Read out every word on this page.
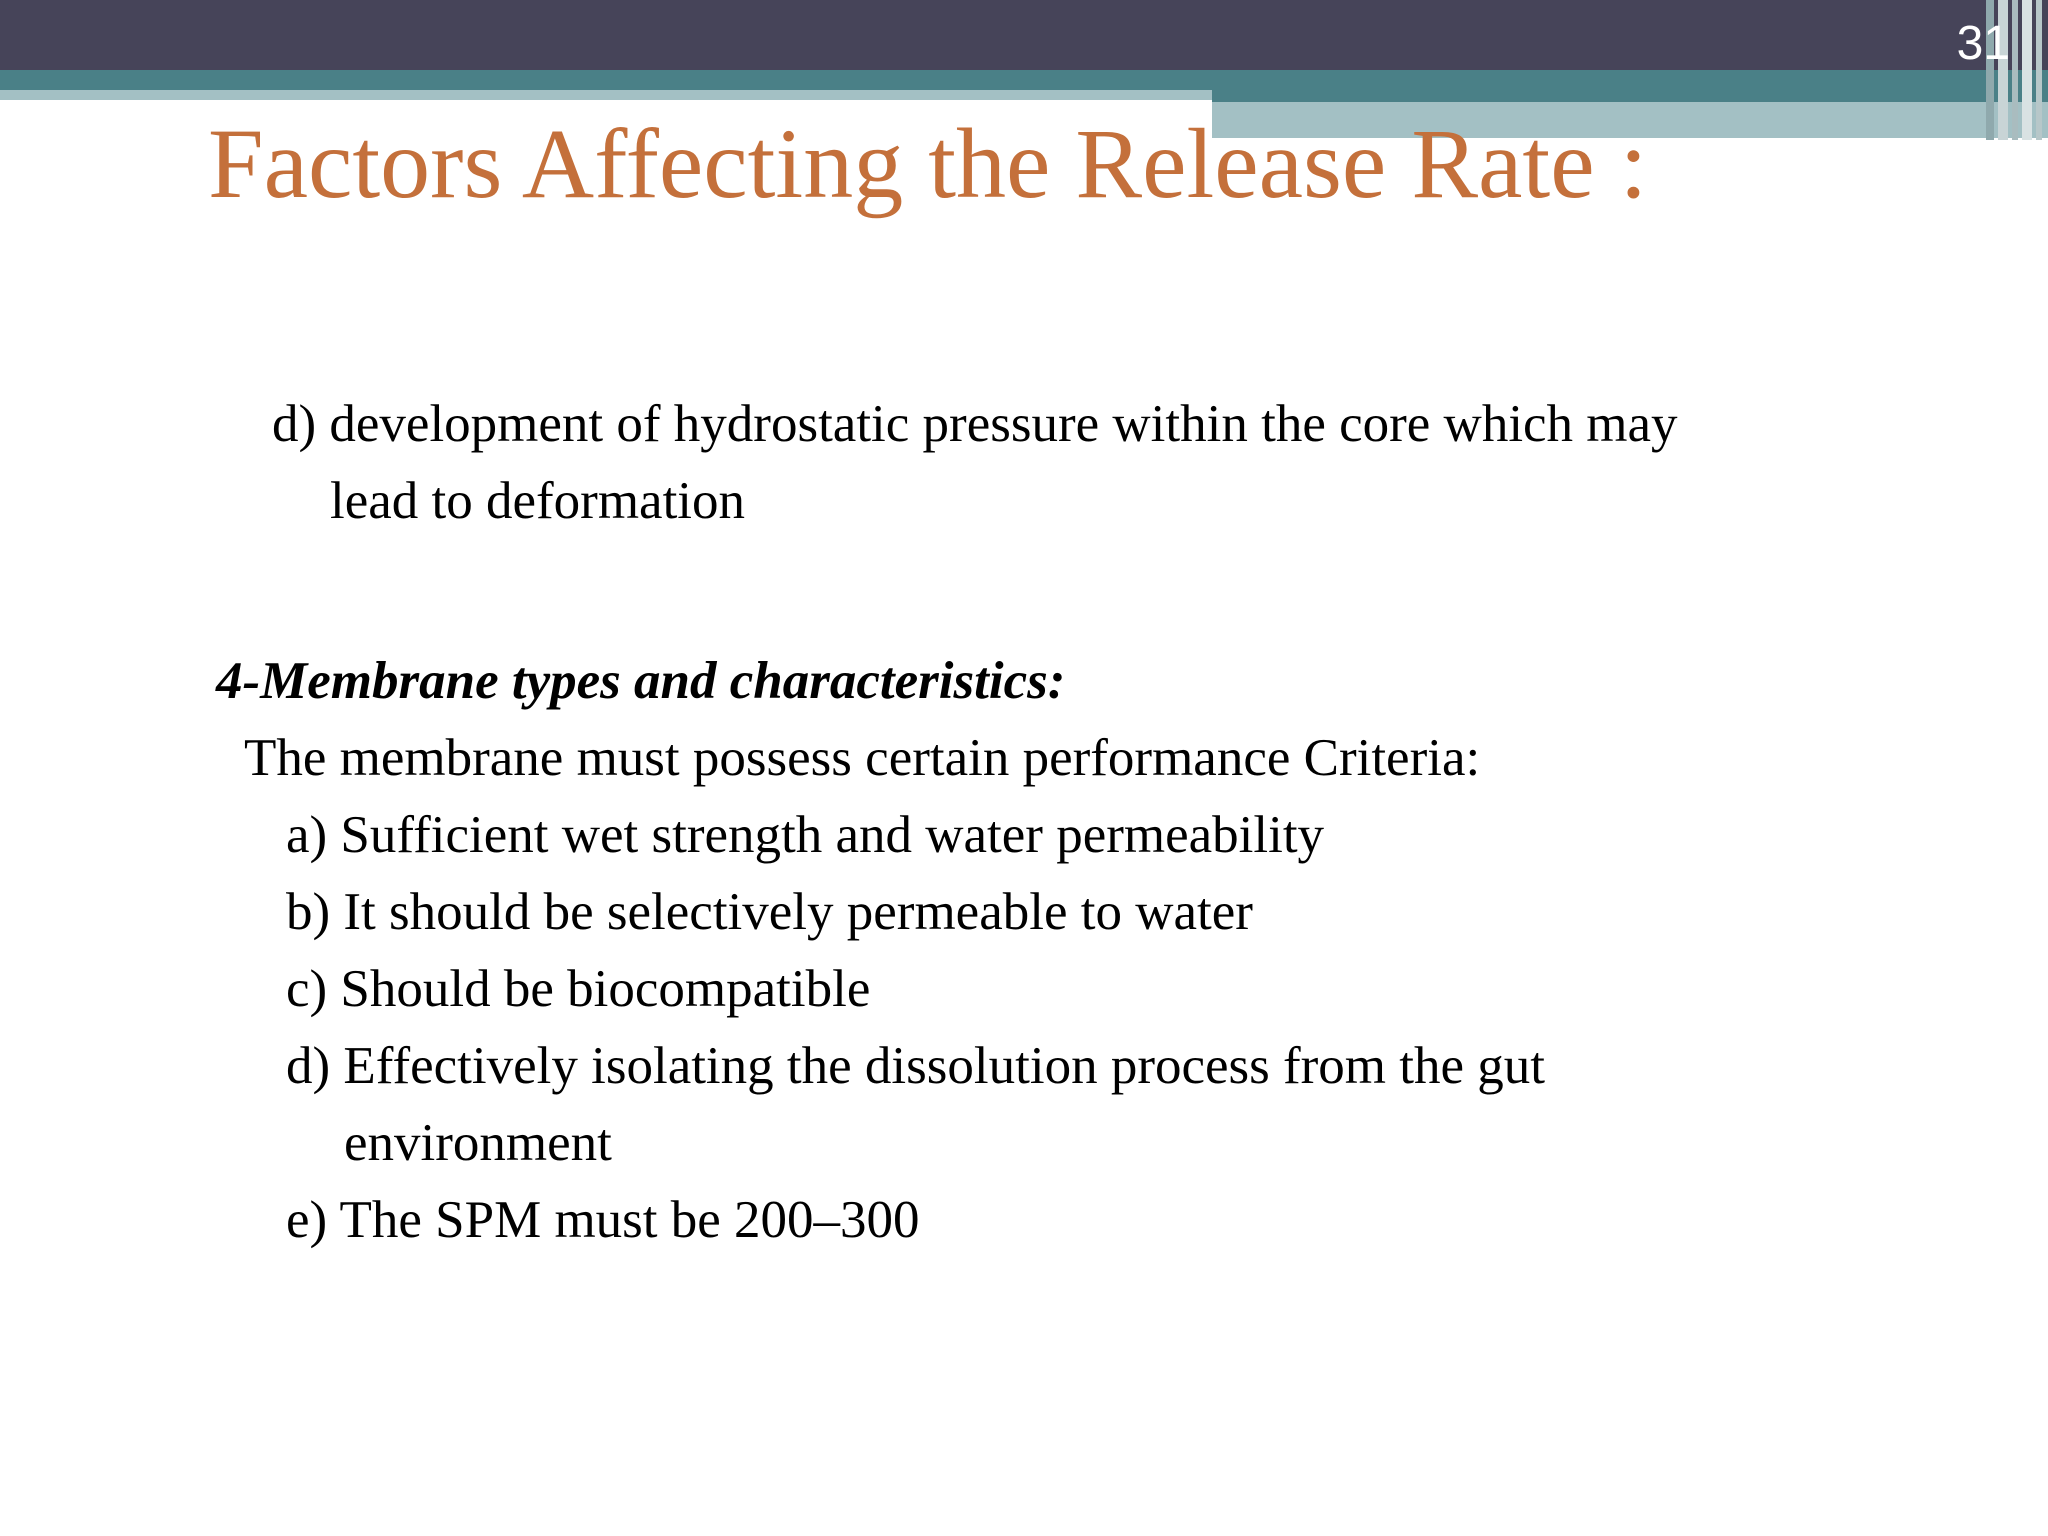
31
Factors Affecting the Release Rate :
d) development of hydrostatic pressure within the core which may
lead to deformation
4-Membrane types and characteristics:
The membrane must possess certain performance Criteria:
a) Sufficient wet strength and water permeability
b) It should be selectively permeable to water
c) Should be biocompatible
d) Effectively isolating the dissolution process from the gut
environment
e) The SPM must be 200–300
